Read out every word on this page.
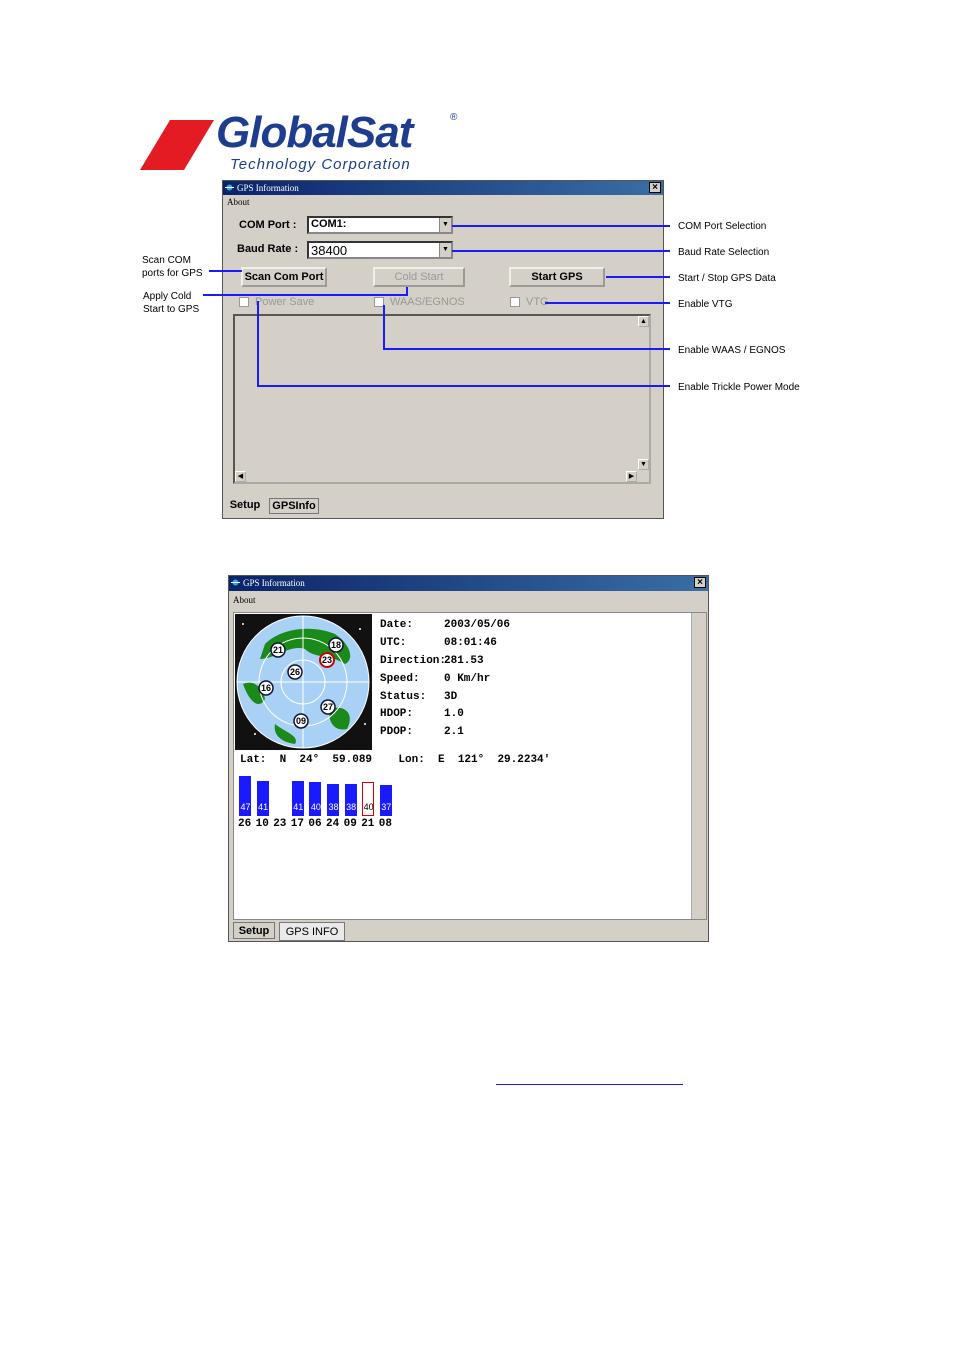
GlobalSat
Technology Corporation
®
GPS Information	×
About
COM Port :	COM1:	▼
Baud Rate : 38400	▼
Scan Com Port	Cold Start	Start GPS
Power Save	WAAS/EGNOS	VTG
▲
▼
◀	▶
Setup GPSInfo
COM Port Selection
Baud Rate Selection
Start / Stop GPS Data
Enable VTG
Enable WAAS / EGNOS
Enable Trickle Power Mode
Scan COM
ports for GPS
Apply Cold
Start to GPS
GPS Information	×
About
21	18
23
26
16
27
09
Date:	2003/05/06
UTC:	08:01:46
Direction:281.53
Speed: 0 Km/hr
Status: 3D
HDOP:	1.0
PDOP:	2.1
Lat:  N  24°  59.089    Lon:  E  121°  29.2234'
47
26
41
10 23
41
17
40
06
38
24
38
09
40
21
37
08
Setup	GPS INFO
